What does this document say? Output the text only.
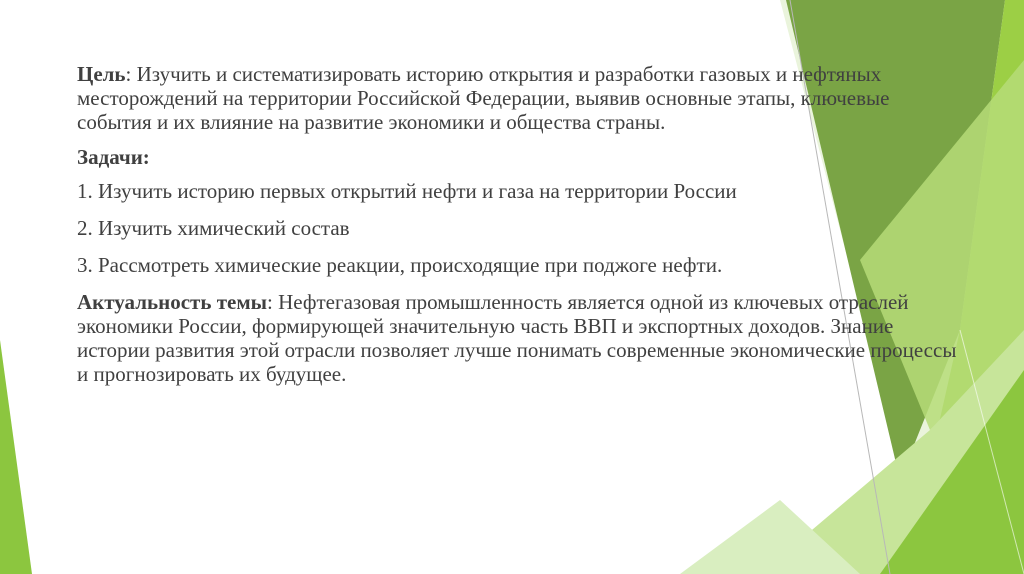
Цель: Изучить и систематизировать историю открытия и разработки газовых и нефтяных месторождений на территории Российской Федерации, выявив основные этапы, ключевые события и их влияние на развитие экономики и общества страны.

Задачи:

1. Изучить историю первых открытий нефти и газа на территории России

2. Изучить химический состав

3. Рассмотреть химические реакции, происходящие при поджоге нефти.

Актуальность темы: Нефтегазовая промышленность является одной из ключевых отраслей экономики России, формирующей значительную часть ВВП и экспортных доходов. Знание истории развития этой отрасли позволяет лучше понимать современные экономические процессы и прогнозировать их будущее.
